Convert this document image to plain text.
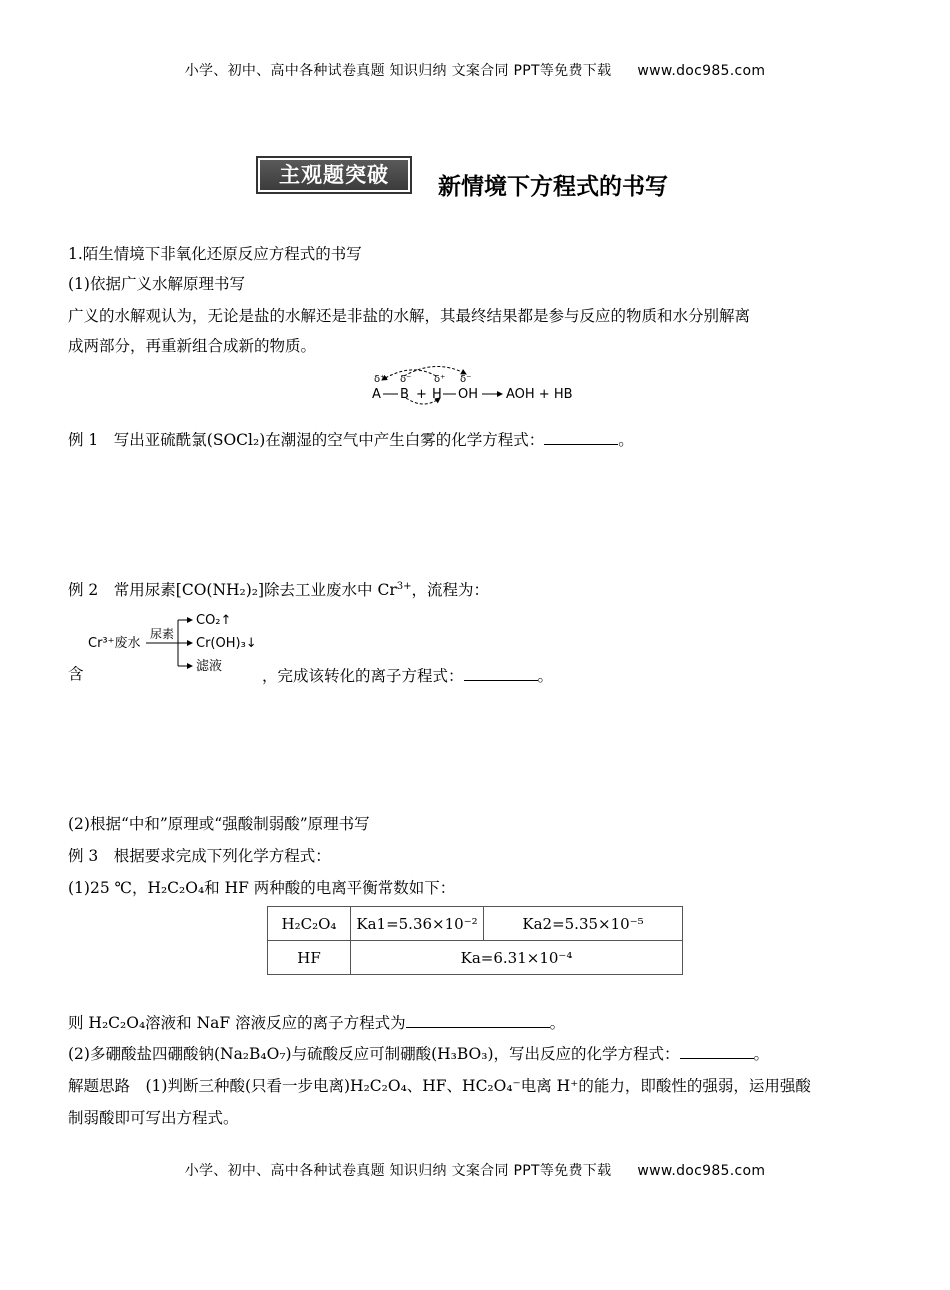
小学、初中、高中各种试卷真题 知识归纳 文案合同 PPT等免费下载 www.doc985.com
主观题突破	新情境下方程式的书写
1.陌生情境下非氧化还原反应方程式的书写
(1)依据广义水解原理书写
广义的水解观认为，无论是盐的水解还是非盐的水解，其最终结果都是参与反应的物质和水分别解离
成两部分，再重新组合成新的物质。
δ⁺ δ⁻ δ⁺ δ⁻
A B + H OH AOH + HB
例 1  写出亚硫酰氯(SOCl₂)在潮湿的空气中产生白雾的化学方程式：	。
例 2  常用尿素[CO(NH₂)₂]除去工业废水中 $Cr^{3+}$，流程为：
Cr³⁺废水
尿素
CO₂↑
Cr(OH)₃↓
滤液
含	，完成该转化的离子方程式：	。
(2)根据“中和”原理或“强酸制弱酸”原理书写
例 3  根据要求完成下列化学方程式：
(1)25 ℃，H₂C₂O₄和 HF 两种酸的电离平衡常数如下：
H₂C₂O₄	Ka1=5.36×10⁻²	Ka2=5.35×10⁻⁵
HF	Ka=6.31×10⁻⁴	
则 H₂C₂O₄溶液和 NaF 溶液反应的离子方程式为	。
(2)多硼酸盐四硼酸钠(Na₂B₄O₇)与硫酸反应可制硼酸(H₃BO₃)，写出反应的化学方程式：	。
解题思路　(1)判断三种酸(只看一步电离)H₂C₂O₄、HF、HC₂O₄⁻电离 H⁺的能力，即酸性的强弱，运用强酸
制弱酸即可写出方程式。
小学、初中、高中各种试卷真题 知识归纳 文案合同 PPT等免费下载 www.doc985.com
